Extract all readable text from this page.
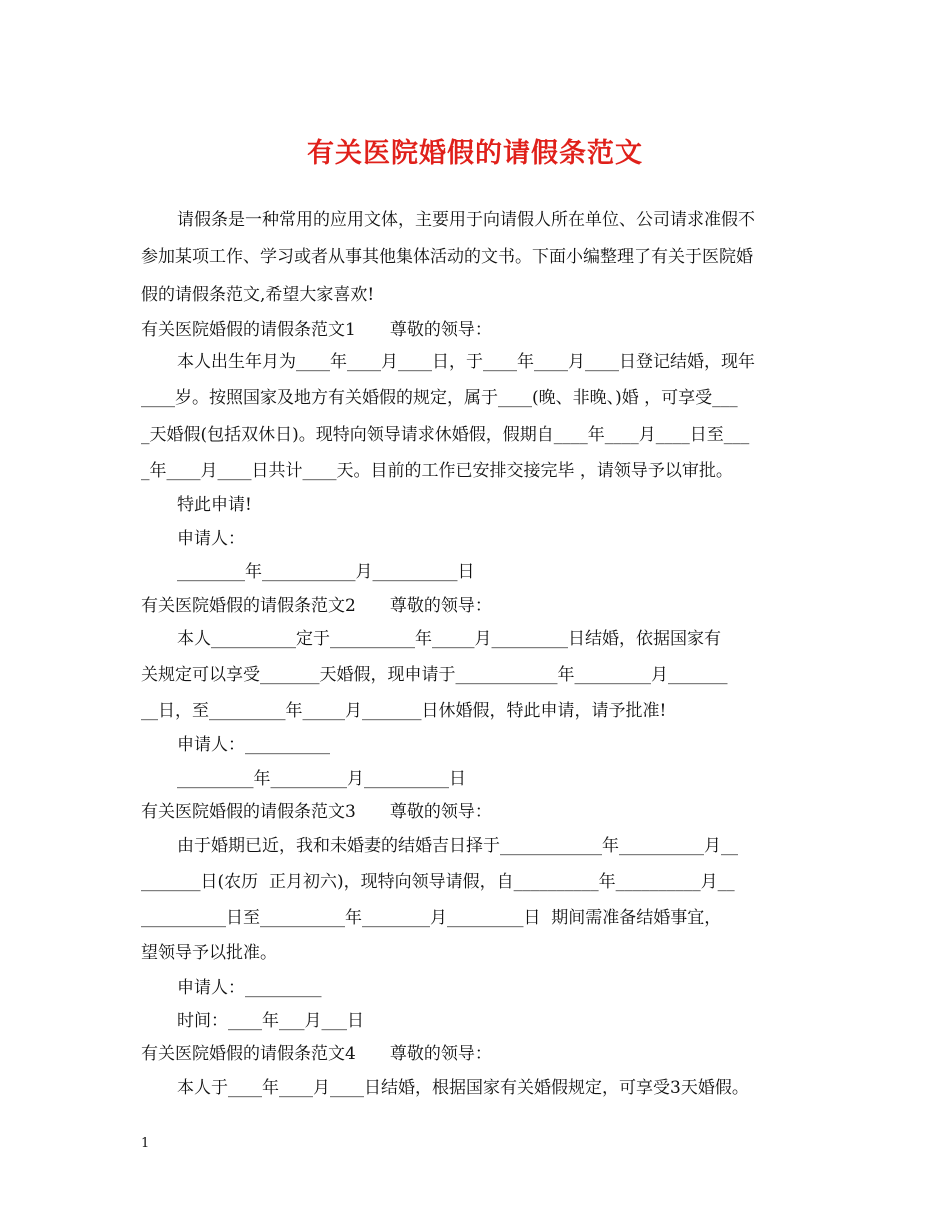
有关医院婚假的请假条范文
请假条是一种常用的应用文体，主要用于向请假人所在单位、公司请求准假不
参加某项工作、学习或者从事其他集体活动的文书。下面小编整理了有关于医院婚
假的请假条范文,希望大家喜欢!
有关医院婚假的请假条范文1　　尊敬的领导：
本人出生年月为____年____月____日，于____年____月____日登记结婚，现年
____岁。按照国家及地方有关婚假的规定，属于____(晚、非晚、)婚 ，可享受___
_天婚假(包括双休日)。现特向领导请求休婚假，假期自____年____月____日至___
_年____月____日共计____天。目前的工作已安排交接完毕 ，请领导予以审批。
特此申请!
申请人：
________年___________月__________日
有关医院婚假的请假条范文2　　尊敬的领导：
本人__________定于__________年_____月_________日结婚，依据国家有
关规定可以享受_______天婚假，现申请于____________年_________月_______
__日，至_________年_____月_______日休婚假，特此申请，请予批准!
申请人：__________
_________年_________月__________日
有关医院婚假的请假条范文3　　尊敬的领导：
由于婚期已近，我和未婚妻的结婚吉日择于____________年__________月__
_______日(农历  正月初六)，现特向领导请假，自__________年__________月__
__________日至__________年________月_________日  期间需准备结婚事宜，
望领导予以批准。
申请人：_________
时间：____年___月___日
有关医院婚假的请假条范文4　　尊敬的领导：
本人于____年____月____日结婚，根据国家有关婚假规定，可享受3天婚假。
1
